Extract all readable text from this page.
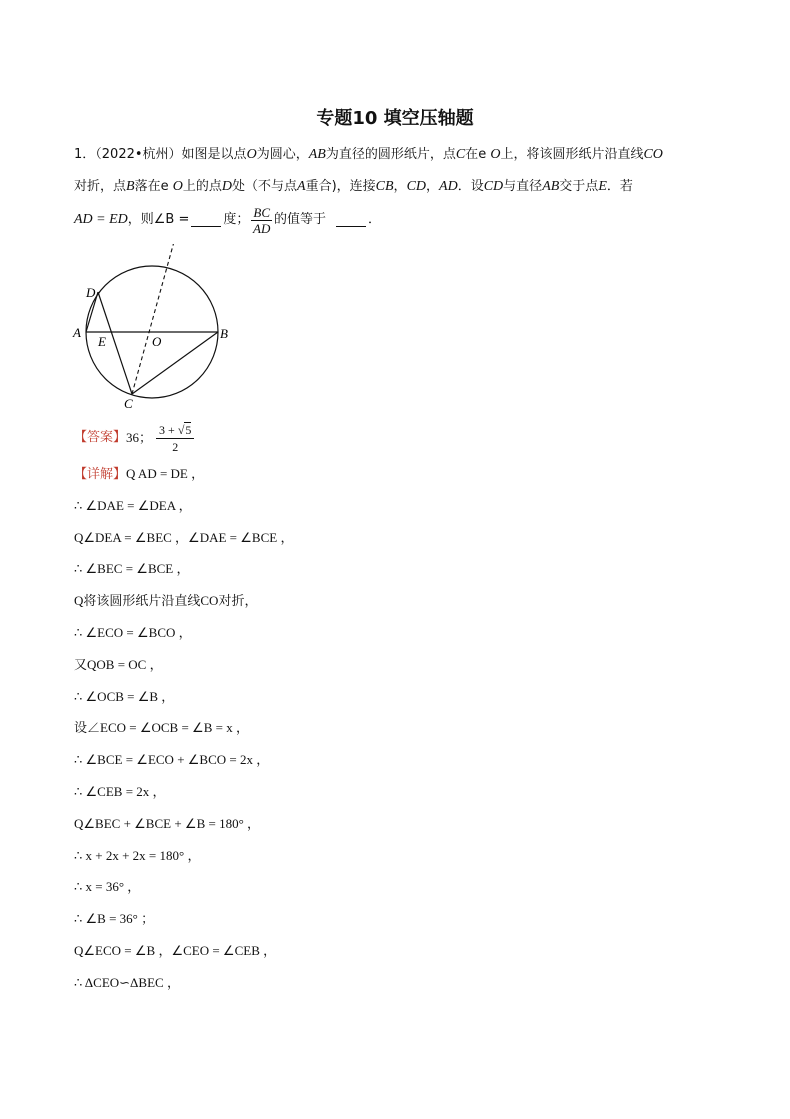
专题10 填空压轴题
1．（2022•杭州）如图是以点O为圆心，AB为直径的圆形纸片，点C在e O上，将该圆形纸片沿直线CO
对折，点B落在e O上的点D处（不与点A重合)，连接CB，CD，AD．设CD与直径AB交于点E．若
AD = ED ，则∠B =	度； $\frac{BC}{AD}$ 的值等于	．
D
A
E	O
B
C
【答案】 36； $\frac{3 + √5}{2}$
【详解】Q AD = DE ，
∴ ∠DAE = ∠DEA ，
Q∠DEA = ∠BEC ，∠DAE = ∠BCE ，
∴ ∠BEC = ∠BCE ，
Q将该圆形纸片沿直线CO对折，
∴ ∠ECO = ∠BCO ，
又QOB = OC ，
∴ ∠OCB = ∠B ，
设∠ECO = ∠OCB = ∠B = x ，
∴ ∠BCE = ∠ECO + ∠BCO = 2x ，
∴ ∠CEB = 2x ，
Q∠BEC + ∠BCE + ∠B = 180° ，
∴ x + 2x + 2x = 180° ，
∴ x = 36° ，
∴ ∠B = 36° ；
Q∠ECO = ∠B ，∠CEO = ∠CEB ，
∴ ΔCEO∽ΔBEC ，
